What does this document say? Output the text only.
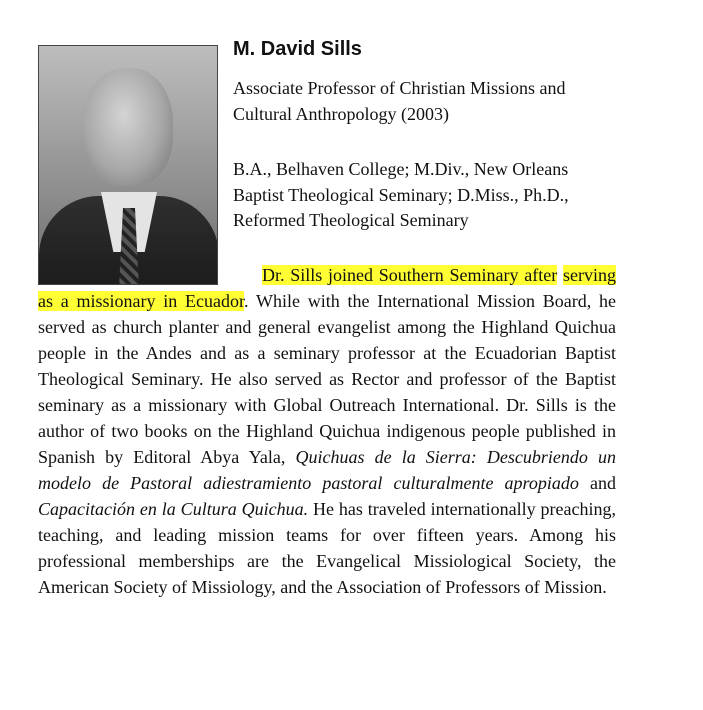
M. David Sills

Associate Professor of Christian Missions and
Cultural Anthropology (2003)

B.A., Belhaven College; M.Div., New Orleans
Baptist Theological Seminary; D.Miss., Ph.D.,
Reformed Theological Seminary

Dr. Sills joined Southern Seminary after serving as a missionary in Ecuador. While with the International Mission Board, he served as church planter and general evangelist among the Highland Quichua people in the Andes and as a seminary professor at the Ecuadorian Baptist Theological Seminary. He also served as Rector and professor of the Baptist seminary as a missionary with Global Outreach International. Dr. Sills is the author of two books on the Highland Quichua indigenous people published in Spanish by Editoral Abya Yala, Quichuas de la Sierra: Descubriendo un modelo de Pastoral adiestramiento pastoral culturalmente apropiado and Capacitación en la Cultura Quichua. He has traveled internationally preaching, teaching, and leading mission teams for over fifteen years. Among his professional memberships are the Evangelical Missiological Society, the American Society of Missiology, and the Association of Professors of Mission.
